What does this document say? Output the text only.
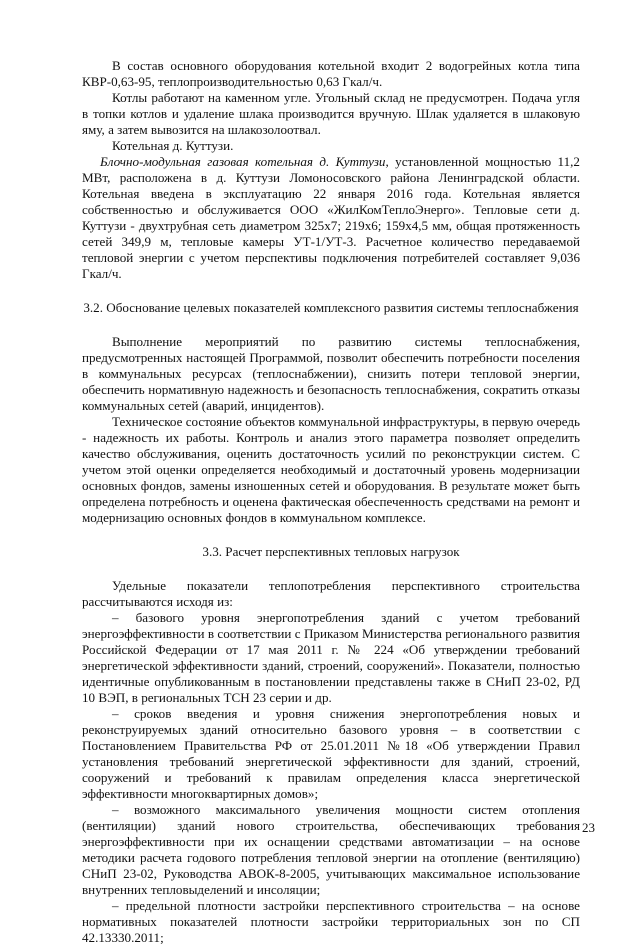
В состав основного оборудования котельной входит 2 водогрейных котла типа КВР-0,63-95, теплопроизводительностью 0,63 Гкал/ч.

Котлы работают на каменном угле. Угольный склад не предусмотрен. Подача угля в топки котлов и удаление шлака производится вручную. Шлак удаляется в шлаковую яму, а затем вывозится на шлакозолоотвал.

Котельная д. Куттузи.

Блочно-модульная газовая котельная д. Куттузи, установленной мощностью 11,2 МВт, расположена в д. Куттузи Ломоносовского района Ленинградской области. Котельная введена в эксплуатацию 22 января 2016 года. Котельная является собственностью и обслуживается ООО «ЖилКомТеплоЭнерго». Тепловые сети д. Куттузи - двухтрубная сеть диаметром 325х7; 219х6; 159х4,5 мм, общая протяженность сетей 349,9 м, тепловые камеры УТ-1/УТ-3. Расчетное количество передаваемой тепловой энергии с учетом перспективы подключения потребителей составляет 9,036 Гкал/ч.

3.2. Обоснование целевых показателей комплексного развития системы теплоснабжения

Выполнение мероприятий по развитию системы теплоснабжения, предусмотренных настоящей Программой, позволит обеспечить потребности поселения в коммунальных ресурсах (теплоснабжении), снизить потери тепловой энергии, обеспечить нормативную надежность и безопасность теплоснабжения, сократить отказы коммунальных сетей (аварий, инцидентов).

Техническое состояние объектов коммунальной инфраструктуры, в первую очередь - надежность их работы. Контроль и анализ этого параметра позволяет определить качество обслуживания, оценить достаточность усилий по реконструкции систем. С учетом этой оценки определяется необходимый и достаточный уровень модернизации основных фондов, замены изношенных сетей и оборудования. В результате может быть определена потребность и оценена фактическая обеспеченность средствами на ремонт и модернизацию основных фондов в коммунальном комплексе.

3.3. Расчет перспективных тепловых нагрузок

Удельные показатели теплопотребления перспективного строительства рассчитываются исходя из:

– базового уровня энергопотребления зданий с учетом требований энергоэффективности в соответствии с Приказом Министерства регионального развития Российской Федерации от 17 мая 2011 г. № 224 «Об утверждении требований энергетической эффективности зданий, строений, сооружений». Показатели, полностью идентичные опубликованным в постановлении представлены также в СНиП 23-02, РД 10 ВЭП, в региональных ТСН 23 серии и др.

– сроков введения и уровня снижения энергопотребления новых и реконструируемых зданий относительно базового уровня – в соответствии с Постановлением Правительства РФ от 25.01.2011 №18 «Об утверждении Правил установления требований энергетической эффективности для зданий, строений, сооружений и требований к правилам определения класса энергетической эффективности многоквартирных домов»;

– возможного максимального увеличения мощности систем отопления (вентиляции) зданий нового строительства, обеспечивающих требования энергоэффективности при их оснащении средствами автоматизации – на основе методики расчета годового потребления тепловой энергии на отопление (вентиляцию) СНиП 23-02, Руководства АВОК-8-2005, учитывающих максимальное использование внутренних тепловыделений и инсоляции;

– предельной плотности застройки перспективного строительства – на основе нормативных показателей плотности застройки территориальных зон по СП 42.13330.2011;

23
